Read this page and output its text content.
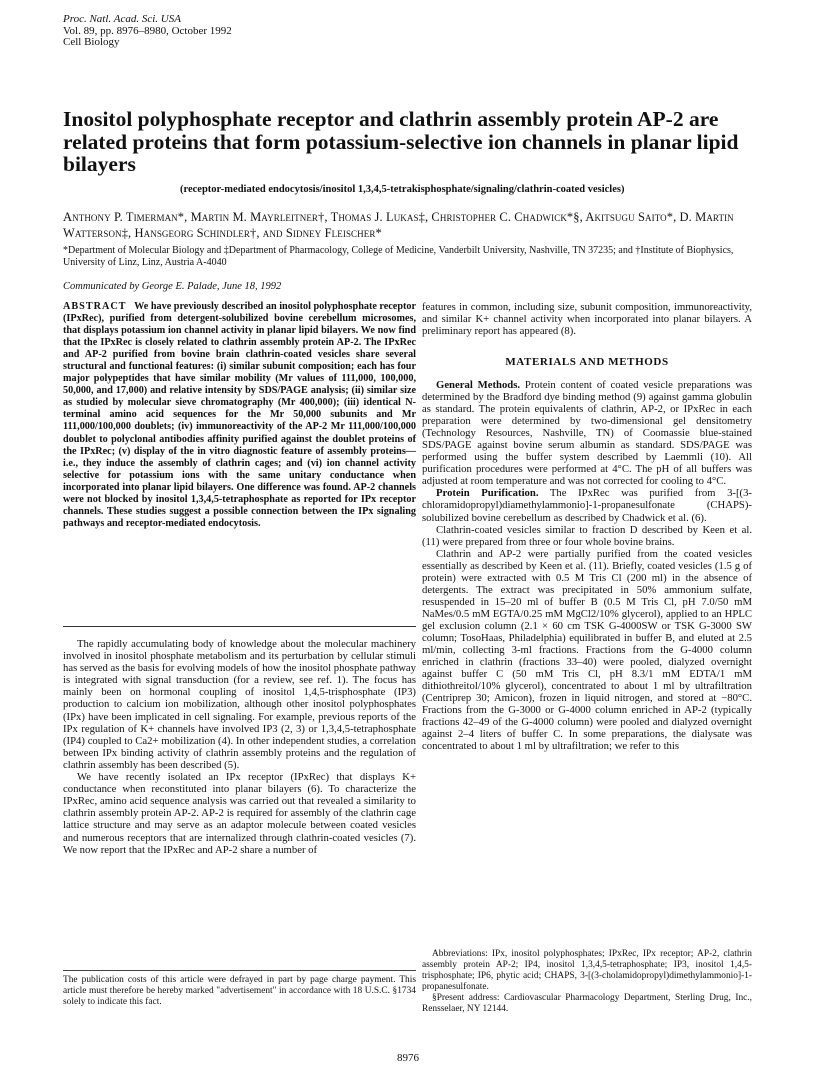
Proc. Natl. Acad. Sci. USA
Vol. 89, pp. 8976–8980, October 1992
Cell Biology
Inositol polyphosphate receptor and clathrin assembly protein AP-2 are related proteins that form potassium-selective ion channels in planar lipid bilayers
(receptor-mediated endocytosis/inositol 1,3,4,5-tetrakisphosphate/signaling/clathrin-coated vesicles)
Anthony P. Timerman*, Martin M. Mayrleitner†, Thomas J. Lukas‡, Christopher C. Chadwick*§, Akitsugu Saito*, D. Martin Watterson‡, Hansgeorg Schindler†, and Sidney Fleischer*
*Department of Molecular Biology and ‡Department of Pharmacology, College of Medicine, Vanderbilt University, Nashville, TN 37235; and †Institute of Biophysics, University of Linz, Linz, Austria A-4040
Communicated by George E. Palade, June 18, 1992
ABSTRACT We have previously described an inositol polyphosphate receptor (IPxRec), purified from detergent-solubilized bovine cerebellum microsomes, that displays potassium ion channel activity in planar lipid bilayers. We now find that the IPxRec is closely related to clathrin assembly protein AP-2. The IPxRec and AP-2 purified from bovine brain clathrin-coated vesicles share several structural and functional features: (i) similar subunit composition; each has four major polypeptides that have similar mobility (Mr values of 111,000, 100,000, 50,000, and 17,000) and relative intensity by SDS/PAGE analysis; (ii) similar size as studied by molecular sieve chromatography (Mr 400,000); (iii) identical N-terminal amino acid sequences for the Mr 50,000 subunits and Mr 111,000/100,000 doublets; (iv) immunoreactivity of the AP-2 Mr 111,000/100,000 doublet to polyclonal antibodies affinity purified against the doublet proteins of the IPxRec; (v) display of the in vitro diagnostic feature of assembly proteins—i.e., they induce the assembly of clathrin cages; and (vi) ion channel activity selective for potassium ions with the same unitary conductance when incorporated into planar lipid bilayers. One difference was found. AP-2 channels were not blocked by inositol 1,3,4,5-tetraphosphate as reported for IPx receptor channels. These studies suggest a possible connection between the IPx signaling pathways and receptor-mediated endocytosis.

The rapidly accumulating body of knowledge about the molecular machinery involved in inositol phosphate metabolism and its perturbation by cellular stimuli has served as the basis for evolving models of how the inositol phosphate pathway is integrated with signal transduction (for a review, see ref. 1). The focus has mainly been on hormonal coupling of inositol 1,4,5-trisphosphate (IP3) production to calcium ion mobilization, although other inositol polyphosphates (IPx) have been implicated in cell signaling. For example, previous reports of the IPx regulation of K+ channels have involved IP3 (2, 3) or 1,3,4,5-tetraphosphate (IP4) coupled to Ca2+ mobilization (4). In other independent studies, a correlation between IPx binding activity of clathrin assembly proteins and the regulation of clathrin assembly has been described (5).

We have recently isolated an IPx receptor (IPxRec) that displays K+ conductance when reconstituted into planar bilayers (6). To characterize the IPxRec, amino acid sequence analysis was carried out that revealed a similarity to clathrin assembly protein AP-2. AP-2 is required for assembly of the clathrin cage lattice structure and may serve as an adaptor molecule between coated vesicles and numerous receptors that are internalized through clathrin-coated vesicles (7). We now report that the IPxRec and AP-2 share a number of

The publication costs of this article were defrayed in part by page charge payment. This article must therefore be hereby marked "advertisement" in accordance with 18 U.S.C. §1734 solely to indicate this fact.

features in common, including size, subunit composition, immunoreactivity, and similar K+ channel activity when incorporated into planar bilayers. A preliminary report has appeared (8).

MATERIALS AND METHODS

General Methods. Protein content of coated vesicle preparations was determined by the Bradford dye binding method (9) against gamma globulin as standard. The protein equivalents of clathrin, AP-2, or IPxRec in each preparation were determined by two-dimensional gel densitometry (Technology Resources, Nashville, TN) of Coomassie blue-stained SDS/PAGE against bovine serum albumin as standard. SDS/PAGE was performed using the buffer system described by Laemmli (10). All purification procedures were performed at 4°C. The pH of all buffers was adjusted at room temperature and was not corrected for cooling to 4°C.

Protein Purification. The IPxRec was purified from 3-[(3-chloramidopropyl)diamethylammonio]-1-propanesulfonate (CHAPS)-solubilized bovine cerebellum as described by Chadwick et al. (6).

Clathrin-coated vesicles similar to fraction D described by Keen et al. (11) were prepared from three or four whole bovine brains.

Clathrin and AP-2 were partially purified from the coated vesicles essentially as described by Keen et al. (11). Briefly, coated vesicles (1.5 g of protein) were extracted with 0.5 M Tris Cl (200 ml) in the absence of detergents. The extract was precipitated in 50% ammonium sulfate, resuspended in 15–20 ml of buffer B (0.5 M Tris Cl, pH 7.0/50 mM NaMes/0.5 mM EGTA/0.25 mM MgCl2/10% glycerol), applied to an HPLC gel exclusion column (2.1 × 60 cm TSK G-4000SW or TSK G-3000 SW column; TosoHaas, Philadelphia) equilibrated in buffer B, and eluted at 2.5 ml/min, collecting 3-ml fractions. Fractions from the G-4000 column enriched in clathrin (fractions 33–40) were pooled, dialyzed overnight against buffer C (50 mM Tris Cl, pH 8.3/1 mM EDTA/1 mM dithiothreitol/10% glycerol), concentrated to about 1 ml by ultrafiltration (Centriprep 30; Amicon), frozen in liquid nitrogen, and stored at −80°C. Fractions from the G-3000 or G-4000 column enriched in AP-2 (typically fractions 42–49 of the G-4000 column) were pooled and dialyzed overnight against 2–4 liters of buffer C. In some preparations, the dialysate was concentrated to about 1 ml by ultrafiltration; we refer to this

Abbreviations: IPx, inositol polyphosphates; IPxRec, IPx receptor; AP-2, clathrin assembly protein AP-2; IP4, inositol 1,3,4,5-tetraphosphate; IP3, inositol 1,4,5-trisphosphate; IP6, phytic acid; CHAPS, 3-[(3-cholamidopropyl)dimethylammonio]-1-propanesulfonate.

§Present address: Cardiovascular Pharmacology Department, Sterling Drug, Inc., Rensselaer, NY 12144.

8976
